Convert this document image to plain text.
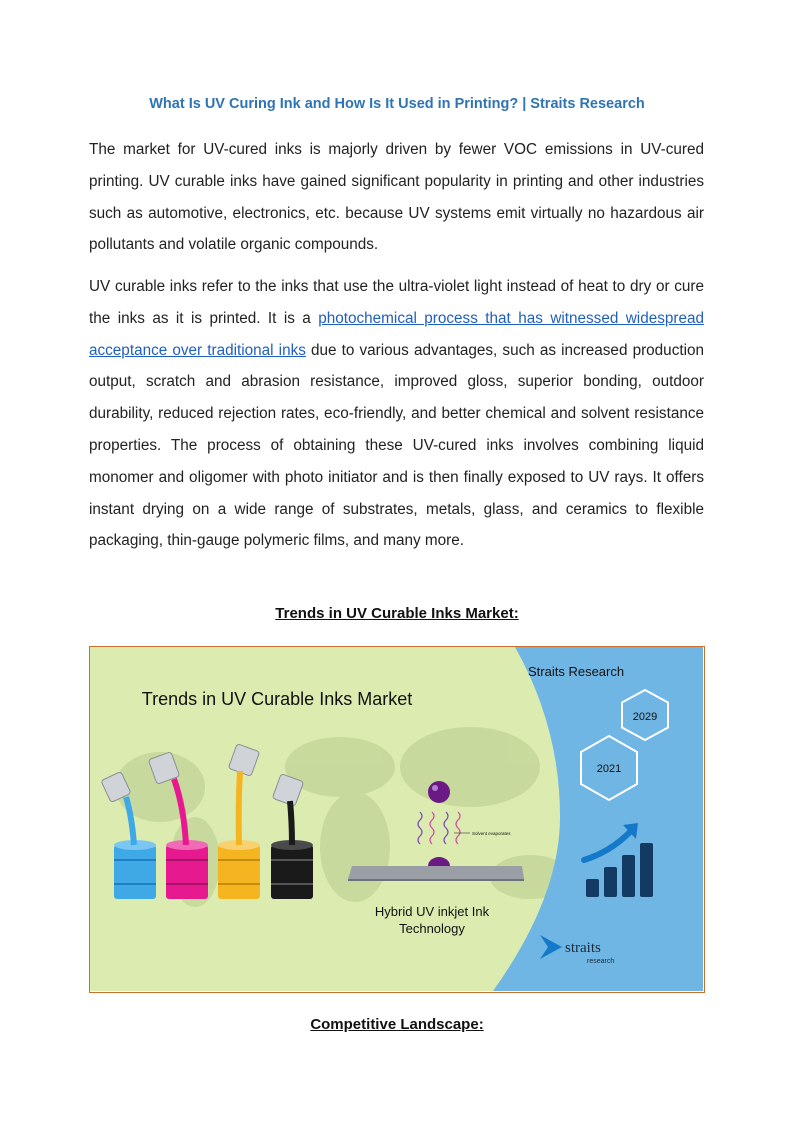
What Is UV Curing Ink and How Is It Used in Printing? | Straits Research

The market for UV-cured inks is majorly driven by fewer VOC emissions in UV-cured printing. UV curable inks have gained significant popularity in printing and other industries such as automotive, electronics, etc. because UV systems emit virtually no hazardous air pollutants and volatile organic compounds.

UV curable inks refer to the inks that use the ultra-violet light instead of heat to dry or cure the inks as it is printed. It is a photochemical process that has witnessed widespread acceptance over traditional inks due to various advantages, such as increased production output, scratch and abrasion resistance, improved gloss, superior bonding, outdoor durability, reduced rejection rates, eco-friendly, and better chemical and solvent resistance properties. The process of obtaining these UV-cured inks involves combining liquid monomer and oligomer with photo initiator and is then finally exposed to UV rays. It offers instant drying on a wide range of substrates, metals, glass, and ceramics to flexible packaging, thin-gauge polymeric films, and many more.

Trends in UV Curable Inks Market:
Trends in UV Curable Inks Market
Straits Research
2029
2021
straits
research
Solvent evaporates
Hybrid UV inkjet Ink
Technology
Competitive Landscape:
